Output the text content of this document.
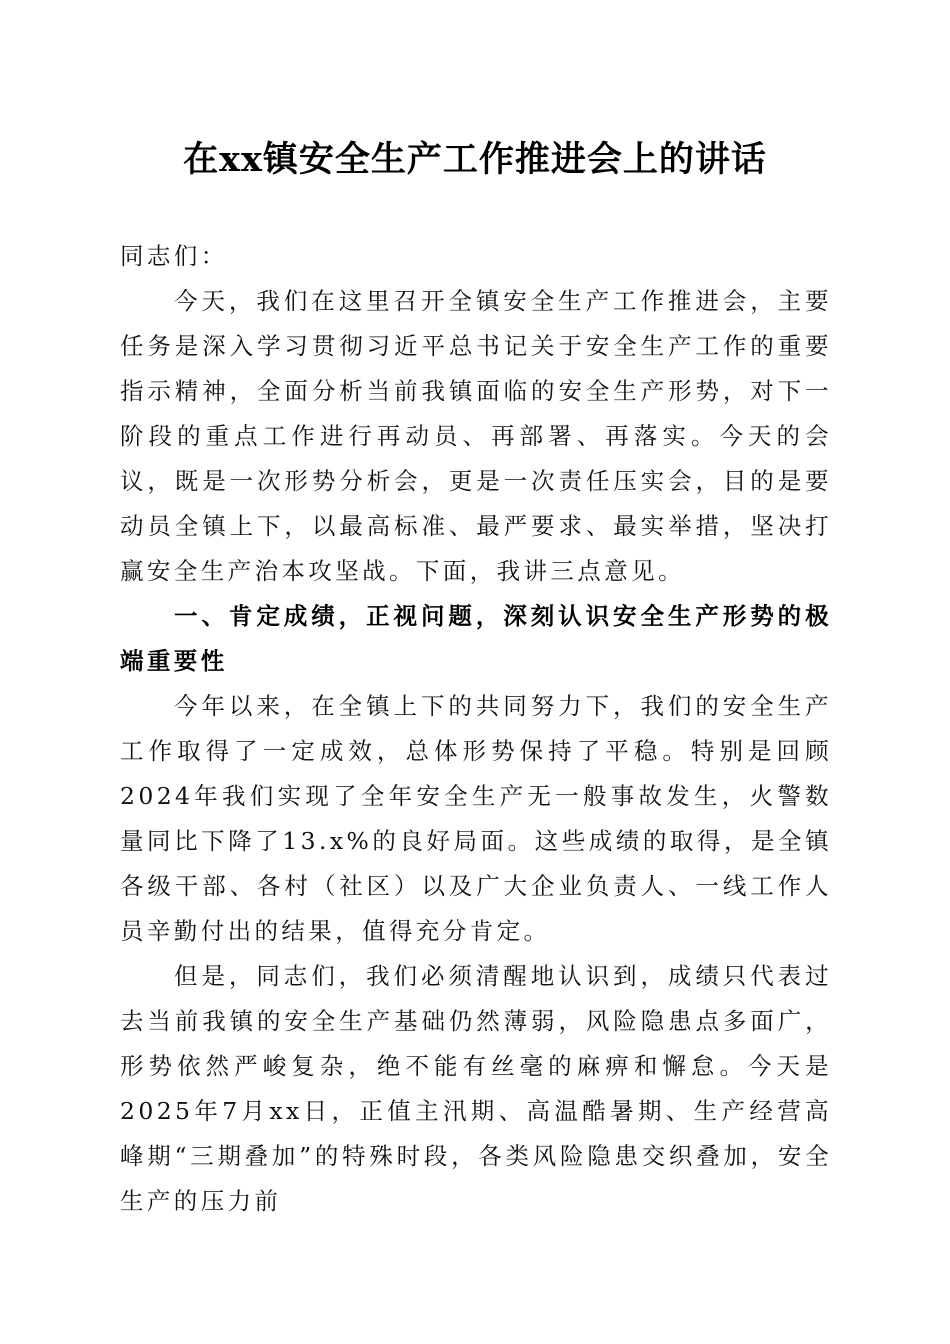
在xx镇安全生产工作推进会上的讲话

同志们：

今天，我们在这里召开全镇安全生产工作推进会，主要任务是深入学习贯彻习近平总书记关于安全生产工作的重要指示精神，全面分析当前我镇面临的安全生产形势，对下一阶段的重点工作进行再动员、再部署、再落实。今天的会议，既是一次形势分析会，更是一次责任压实会，目的是要动员全镇上下，以最高标准、最严要求、最实举措，坚决打赢安全生产治本攻坚战。下面，我讲三点意见。

一、肯定成绩，正视问题，深刻认识安全生产形势的极端重要性

今年以来，在全镇上下的共同努力下，我们的安全生产工作取得了一定成效，总体形势保持了平稳。特别是回顾2024年我们实现了全年安全生产无一般事故发生，火警数量同比下降了13.x%的良好局面。这些成绩的取得，是全镇各级干部、各村（社区）以及广大企业负责人、一线工作人员辛勤付出的结果，值得充分肯定。

但是，同志们，我们必须清醒地认识到，成绩只代表过去当前我镇的安全生产基础仍然薄弱，风险隐患点多面广，形势依然严峻复杂，绝不能有丝毫的麻痹和懈怠。今天是2025年7月xx日，正值主汛期、高温酷暑期、生产经营高峰期“三期叠加”的特殊时段，各类风险隐患交织叠加，安全生产的压力前
